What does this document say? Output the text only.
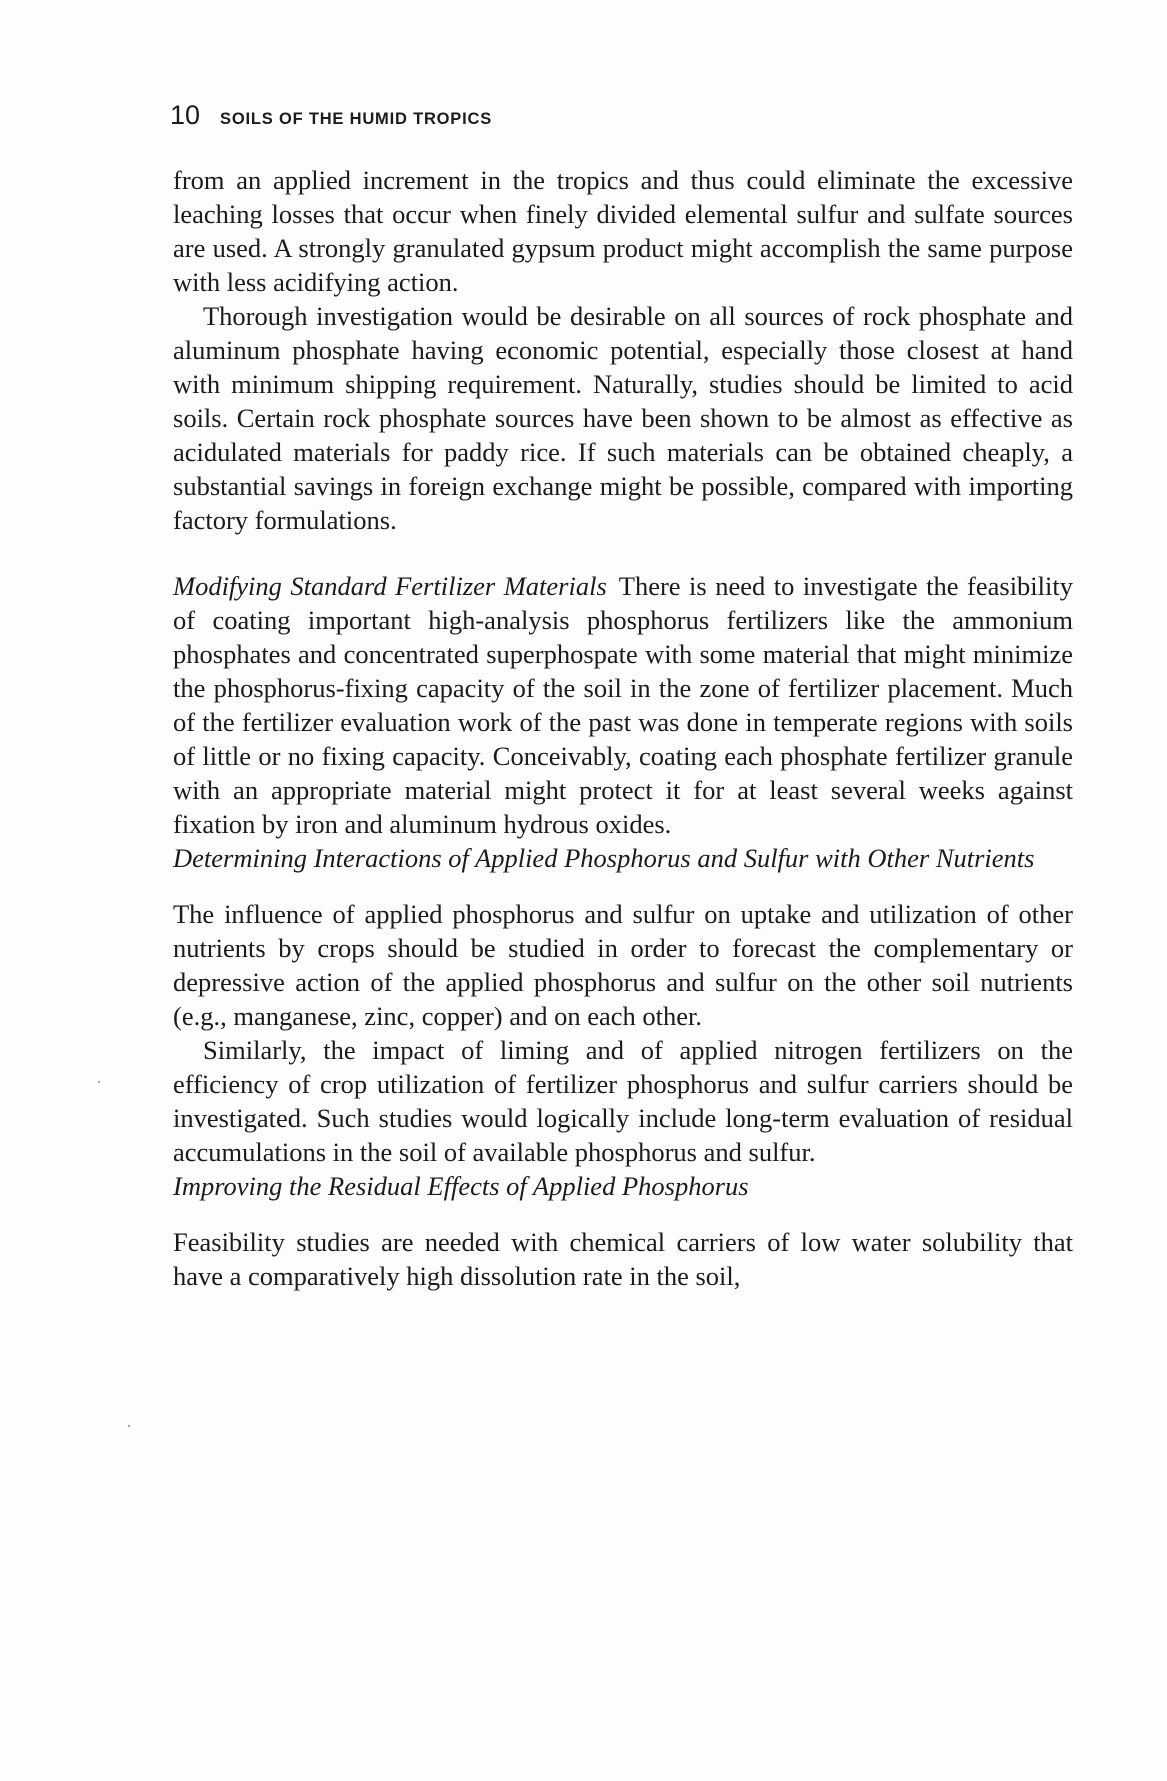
10 SOILS OF THE HUMID TROPICS

from an applied increment in the tropics and thus could eliminate the excessive leaching losses that occur when finely divided elemental sulfur and sulfate sources are used. A strongly granulated gypsum product might accomplish the same purpose with less acidifying action.

Thorough investigation would be desirable on all sources of rock phosphate and aluminum phosphate having economic potential, especially those closest at hand with minimum shipping requirement. Naturally, studies should be limited to acid soils. Certain rock phosphate sources have been shown to be almost as effective as acidulated materials for paddy rice. If such materials can be obtained cheaply, a substantial savings in foreign exchange might be possible, compared with importing factory formulations.

Modifying Standard Fertilizer Materials There is need to investigate the feasibility of coating important high-analysis phosphorus fertilizers like the ammonium phosphates and concentrated superphospate with some material that might minimize the phosphorus-fixing capacity of the soil in the zone of fertilizer placement. Much of the fertilizer evaluation work of the past was done in temperate regions with soils of little or no fixing capacity. Conceivably, coating each phosphate fertilizer granule with an appropriate material might protect it for at least several weeks against fixation by iron and aluminum hydrous oxides.

Determining Interactions of Applied Phosphorus and Sulfur with Other Nutrients

The influence of applied phosphorus and sulfur on uptake and utilization of other nutrients by crops should be studied in order to forecast the complementary or depressive action of the applied phosphorus and sulfur on the other soil nutrients (e.g., manganese, zinc, copper) and on each other.

Similarly, the impact of liming and of applied nitrogen fertilizers on the efficiency of crop utilization of fertilizer phosphorus and sulfur carriers should be investigated. Such studies would logically include long-term evaluation of residual accumulations in the soil of available phosphorus and sulfur.

Improving the Residual Effects of Applied Phosphorus

Feasibility studies are needed with chemical carriers of low water solubility that have a comparatively high dissolution rate in the soil,
